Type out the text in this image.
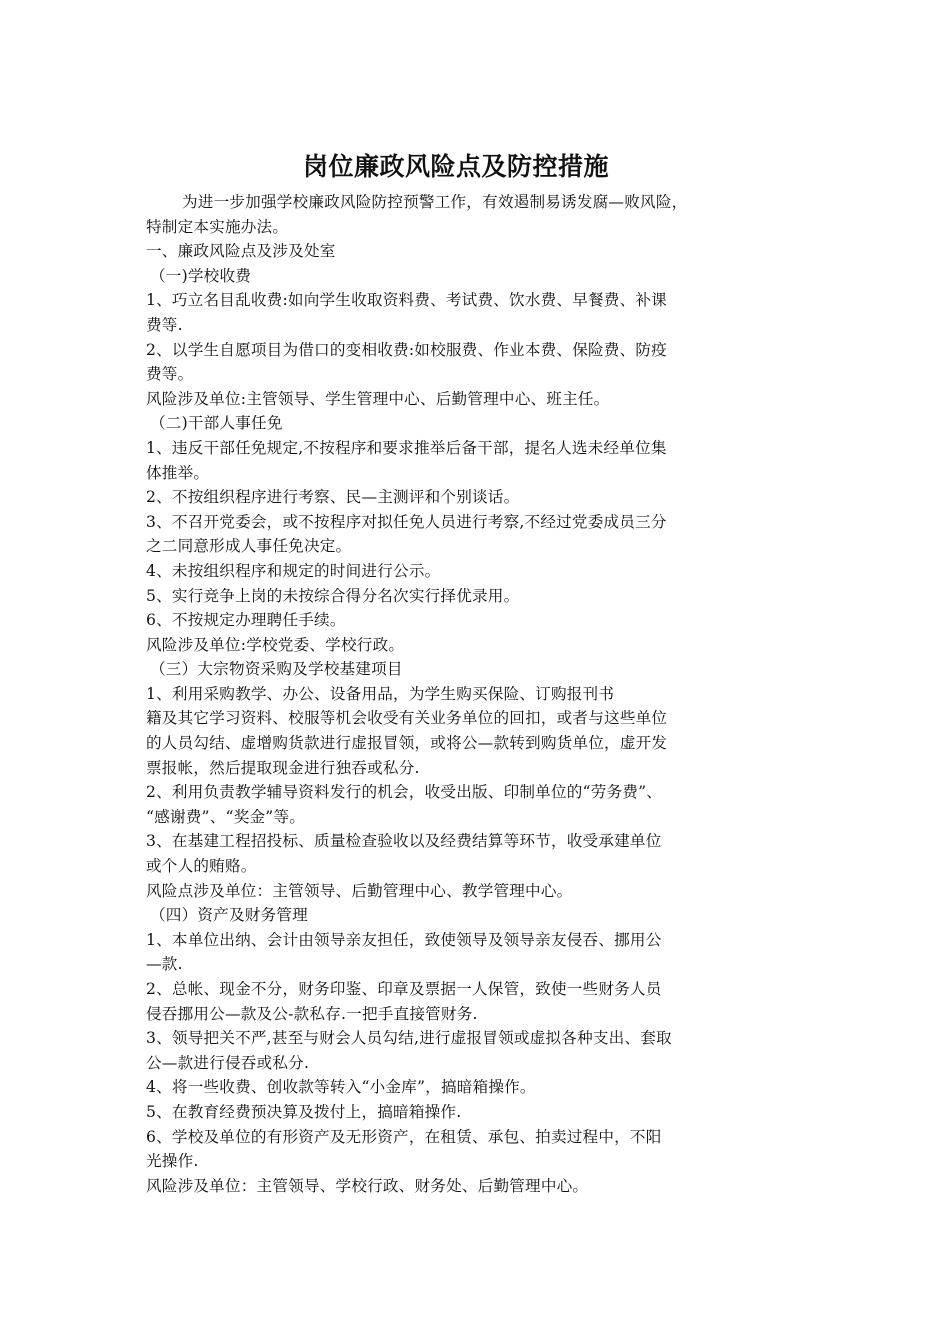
岗位廉政风险点及防控措施
为进一步加强学校廉政风险防控预警工作，有效遏制易诱发腐—败风险，
特制定本实施办法。
一、廉政风险点及涉及处室
（一)学校收费
1、巧立名目乱收费:如向学生收取资料费、考试费、饮水费、早餐费、补课
费等.
2、以学生自愿项目为借口的变相收费:如校服费、作业本费、保险费、防疫
费等。
风险涉及单位:主管领导、学生管理中心、后勤管理中心、班主任。
（二)干部人事任免
1、违反干部任免规定,不按程序和要求推举后备干部，提名人选未经单位集
体推举。
2、不按组织程序进行考察、民—主测评和个别谈话。
3、不召开党委会，或不按程序对拟任免人员进行考察,不经过党委成员三分
之二同意形成人事任免决定。
4、未按组织程序和规定的时间进行公示。
5、实行竞争上岗的未按综合得分名次实行择优录用。
6、不按规定办理聘任手续。
风险涉及单位:学校党委、学校行政。
（三）大宗物资采购及学校基建项目
1、利用采购教学、办公、设备用品，为学生购买保险、订购报刊书
籍及其它学习资料、校服等机会收受有关业务单位的回扣，或者与这些单位
的人员勾结、虚增购货款进行虚报冒领，或将公—款转到购货单位，虚开发
票报帐，然后提取现金进行独吞或私分.
2、利用负责教学辅导资料发行的机会，收受出版、印制单位的“劳务费”、
“感谢费”、“奖金”等。
3、在基建工程招投标、质量检查验收以及经费结算等环节，收受承建单位
或个人的贿赂。
风险点涉及单位：主管领导、后勤管理中心、教学管理中心。
（四）资产及财务管理
1、本单位出纳、会计由领导亲友担任，致使领导及领导亲友侵吞、挪用公
—款.
2、总帐、现金不分，财务印鉴、印章及票据一人保管，致使一些财务人员
侵吞挪用公—款及公-款私存.一把手直接管财务.
3、领导把关不严,甚至与财会人员勾结,进行虚报冒领或虚拟各种支出、套取
公—款进行侵吞或私分.
4、将一些收费、创收款等转入“小金库”，搞暗箱操作。
5、在教育经费预决算及拨付上，搞暗箱操作.
6、学校及单位的有形资产及无形资产，在租赁、承包、拍卖过程中，不阳
光操作.
风险涉及单位：主管领导、学校行政、财务处、后勤管理中心。
